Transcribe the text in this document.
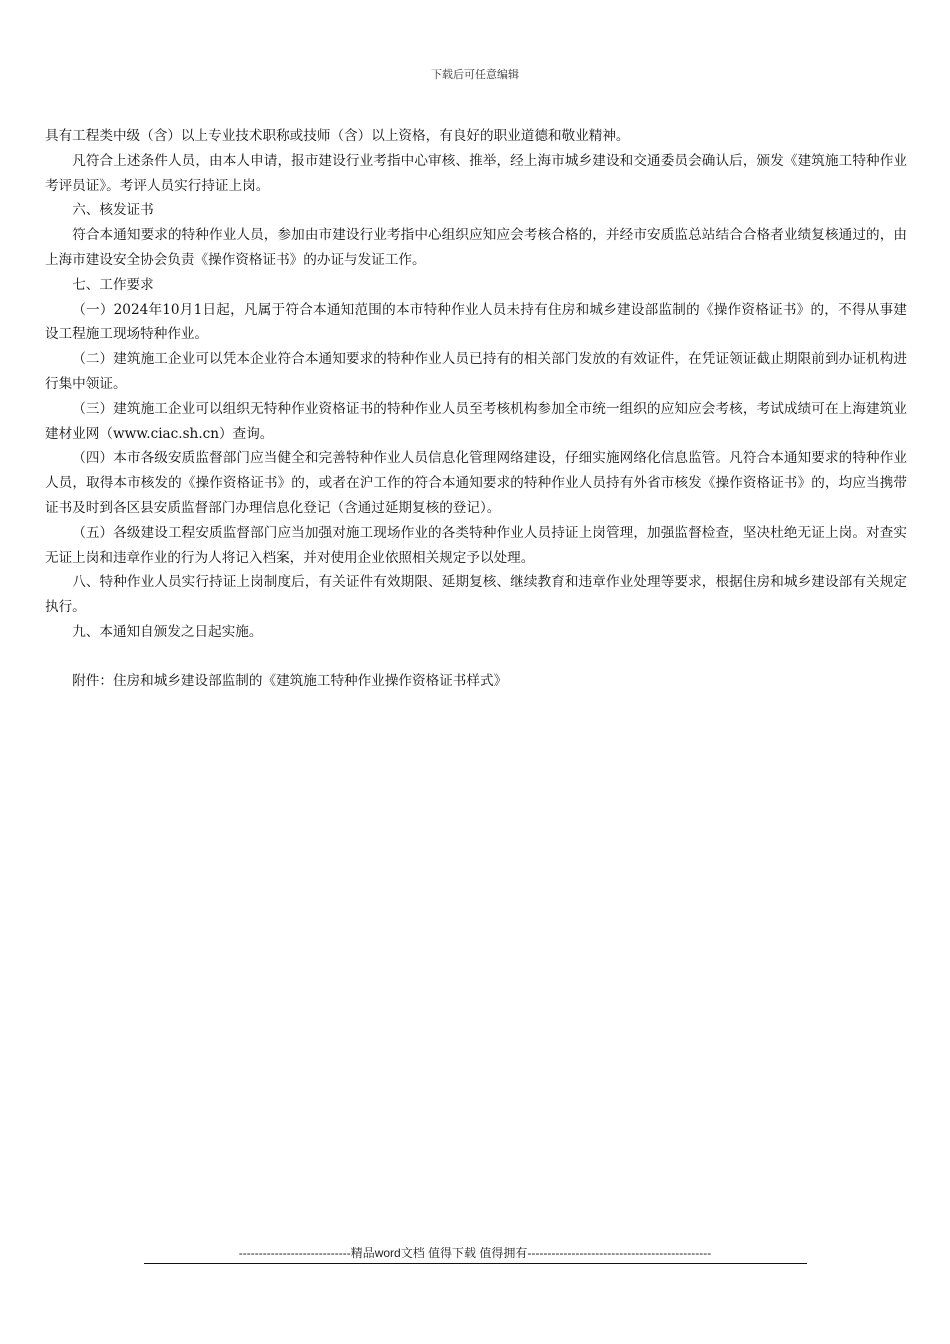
下载后可任意编辑

具有工程类中级（含）以上专业技术职称或技师（含）以上资格，有良好的职业道德和敬业精神。

凡符合上述条件人员，由本人申请，报市建设行业考指中心审核、推举，经上海市城乡建设和交通委员会确认后，颁发《建筑施工特种作业考评员证》。考评人员实行持证上岗。

六、核发证书

符合本通知要求的特种作业人员，参加由市建设行业考指中心组织应知应会考核合格的，并经市安质监总站结合合格者业绩复核通过的，由上海市建设安全协会负责《操作资格证书》的办证与发证工作。

七、工作要求

（一）2024年10月1日起，凡属于符合本通知范围的本市特种作业人员未持有住房和城乡建设部监制的《操作资格证书》的，不得从事建设工程施工现场特种作业。

（二）建筑施工企业可以凭本企业符合本通知要求的特种作业人员已持有的相关部门发放的有效证件，在凭证领证截止期限前到办证机构进行集中领证。

（三）建筑施工企业可以组织无特种作业资格证书的特种作业人员至考核机构参加全市统一组织的应知应会考核，考试成绩可在上海建筑业建材业网（www.ciac.sh.cn）查询。

（四）本市各级安质监督部门应当健全和完善特种作业人员信息化管理网络建设，仔细实施网络化信息监管。凡符合本通知要求的特种作业人员，取得本市核发的《操作资格证书》的，或者在沪工作的符合本通知要求的特种作业人员持有外省市核发《操作资格证书》的，均应当携带证书及时到各区县安质监督部门办理信息化登记（含通过延期复核的登记）。

（五）各级建设工程安质监督部门应当加强对施工现场作业的各类特种作业人员持证上岗管理，加强监督检查，坚决杜绝无证上岗。对查实无证上岗和违章作业的行为人将记入档案，并对使用企业依照相关规定予以处理。

八、特种作业人员实行持证上岗制度后，有关证件有效期限、延期复核、继续教育和违章作业处理等要求，根据住房和城乡建设部有关规定执行。

九、本通知自颁发之日起实施。

附件：住房和城乡建设部监制的《建筑施工特种作业操作资格证书样式》

----------------------------精品word文档 值得下载 值得拥有----------------------------------------------
